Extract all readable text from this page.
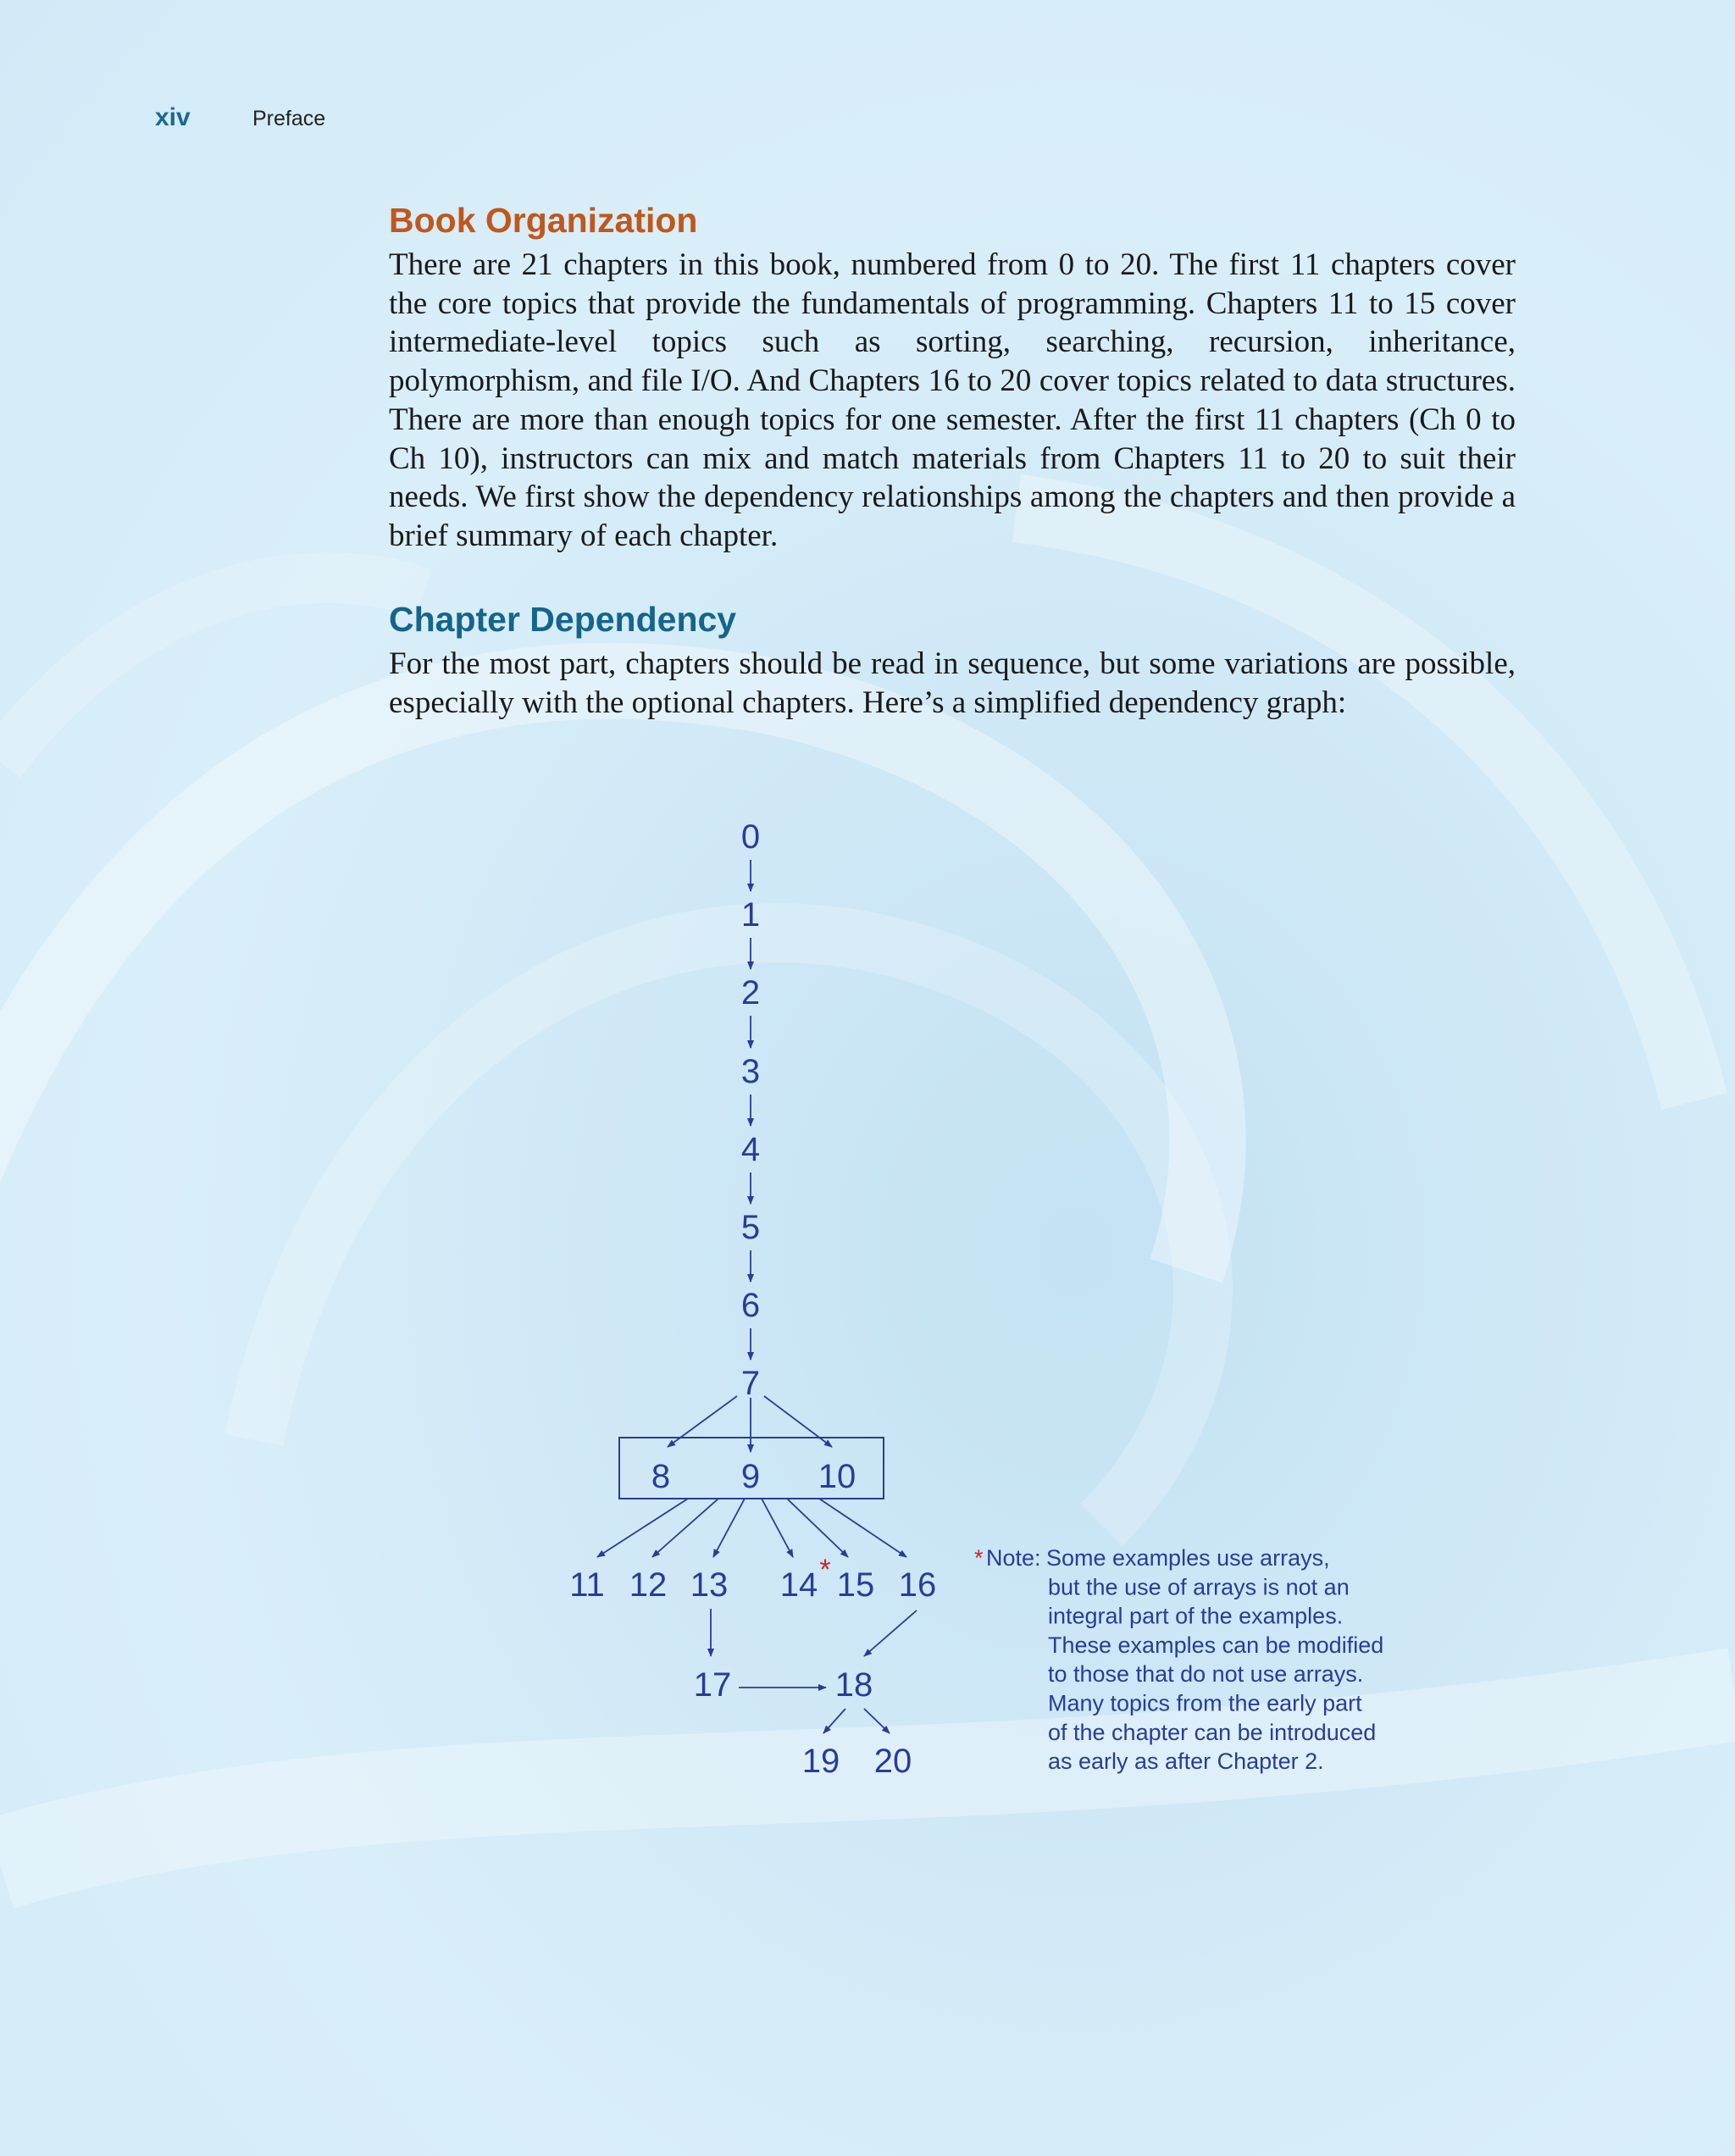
xiv	Preface
Book Organization

There are 21 chapters in this book, numbered from 0 to 20. The first 11 chapters cover the core topics that provide the fundamentals of programming. Chapters 11 to 15 cover intermediate-level topics such as sorting, searching, recursion, inheritance, polymorphism, and file I/O. And Chapters 16 to 20 cover topics related to data structures. There are more than enough topics for one semester. After the first 11 chapters (Ch 0 to Ch 10), instructors can mix and match materials from Chapters 11 to 20 to suit their needs. We first show the dependency relationships among the chapters and then provide a brief summary of each chapter.

Chapter Dependency

For the most part, chapters should be read in sequence, but some variations are possible, especially with the optional chapters. Here’s a simplified dependency graph:

0
1
2
3
4
5
6
7
8 9 10
11 12 13 14 15 16
17	18
19 20
*	* Note: Some examples use arrays,
but the use of arrays is not an
integral part of the examples.
These examples can be modified
to those that do not use arrays.
Many topics from the early part
of the chapter can be introduced
as early as after Chapter 2.
